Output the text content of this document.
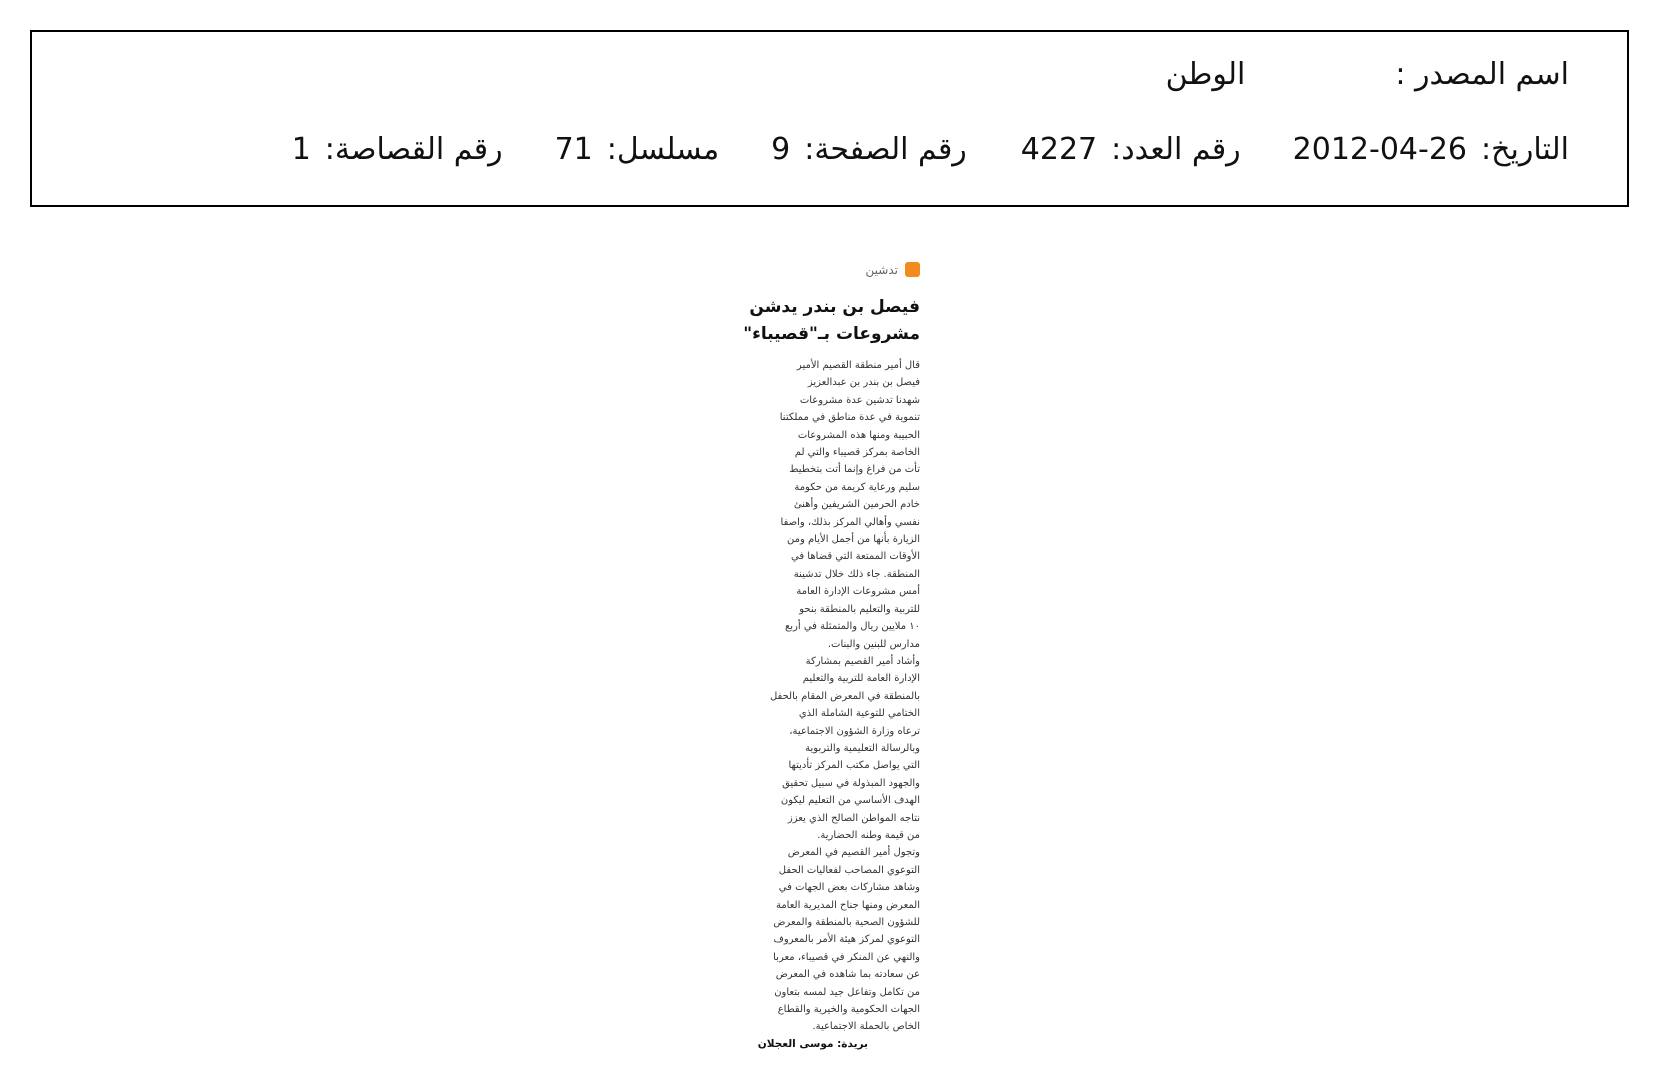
اسم المصدر :
الوطن
التاريخ:
2012-04-26
رقم العدد:
4227
رقم الصفحة:
9
مسلسل:
71
رقم القصاصة:
1
تدشين
فيصل بن بندر يدشن
مشروعات بـ"قصيباء"
قال أمير منطقة القصيم الأمير
فيصل بن بندر بن عبدالعزيز
شهدنا تدشين عدة مشروعات
تنموية في عدة مناطق في مملكتنا
الحبيبة ومنها هذه المشروعات
الخاصة بمركز قصيباء والتي لم
تأت من فراغ وإنما أتت بتخطيط
سليم ورعاية كريمة من حكومة
خادم الحرمين الشريفين وأهنئ
نفسي وأهالي المركز بذلك، واصفا
الزيارة بأنها من أجمل الأيام ومن
الأوقات الممتعة التي قضاها في
المنطقة. جاء ذلك خلال تدشينة
أمس مشروعات الإدارة العامة
للتربية والتعليم بالمنطقة بنحو
١٠ ملايين ريال والمتمثلة في أربع
مدارس للبنين والبنات.
وأشاد أمير القصيم بمشاركة
الإدارة العامة للتربية والتعليم
بالمنطقة في المعرض المقام بالحفل
الختامي للتوعية الشاملة الذي
ترعاه وزارة الشؤون الاجتماعية،
وبالرسالة التعليمية والتربوية
التي يواصل مكتب المركز تأديتها
والجهود المبذولة في سبيل تحقيق
الهدف الأساسي من التعليم ليكون
نتاجه المواطن الصالح الذي يعزز
من قيمة وطنه الحضارية.
وتجول أمير القصيم في المعرض
التوعوي المصاحب لفعاليات الحفل
وشاهد مشاركات بعض الجهات في
المعرض ومنها جناح المديرية العامة
للشؤون الصحية بالمنطقة والمعرض
التوعوي لمركز هيئة الأمر بالمعروف
والنهي عن المنكر في قصيباء، معربا
عن سعادته بما شاهده في المعرض
من تكامل وتفاعل جيد لمسه بتعاون
الجهات الحكومية والخيرية والقطاع
الخاص بالحملة الاجتماعية.
بريدة: موسى العجلان
